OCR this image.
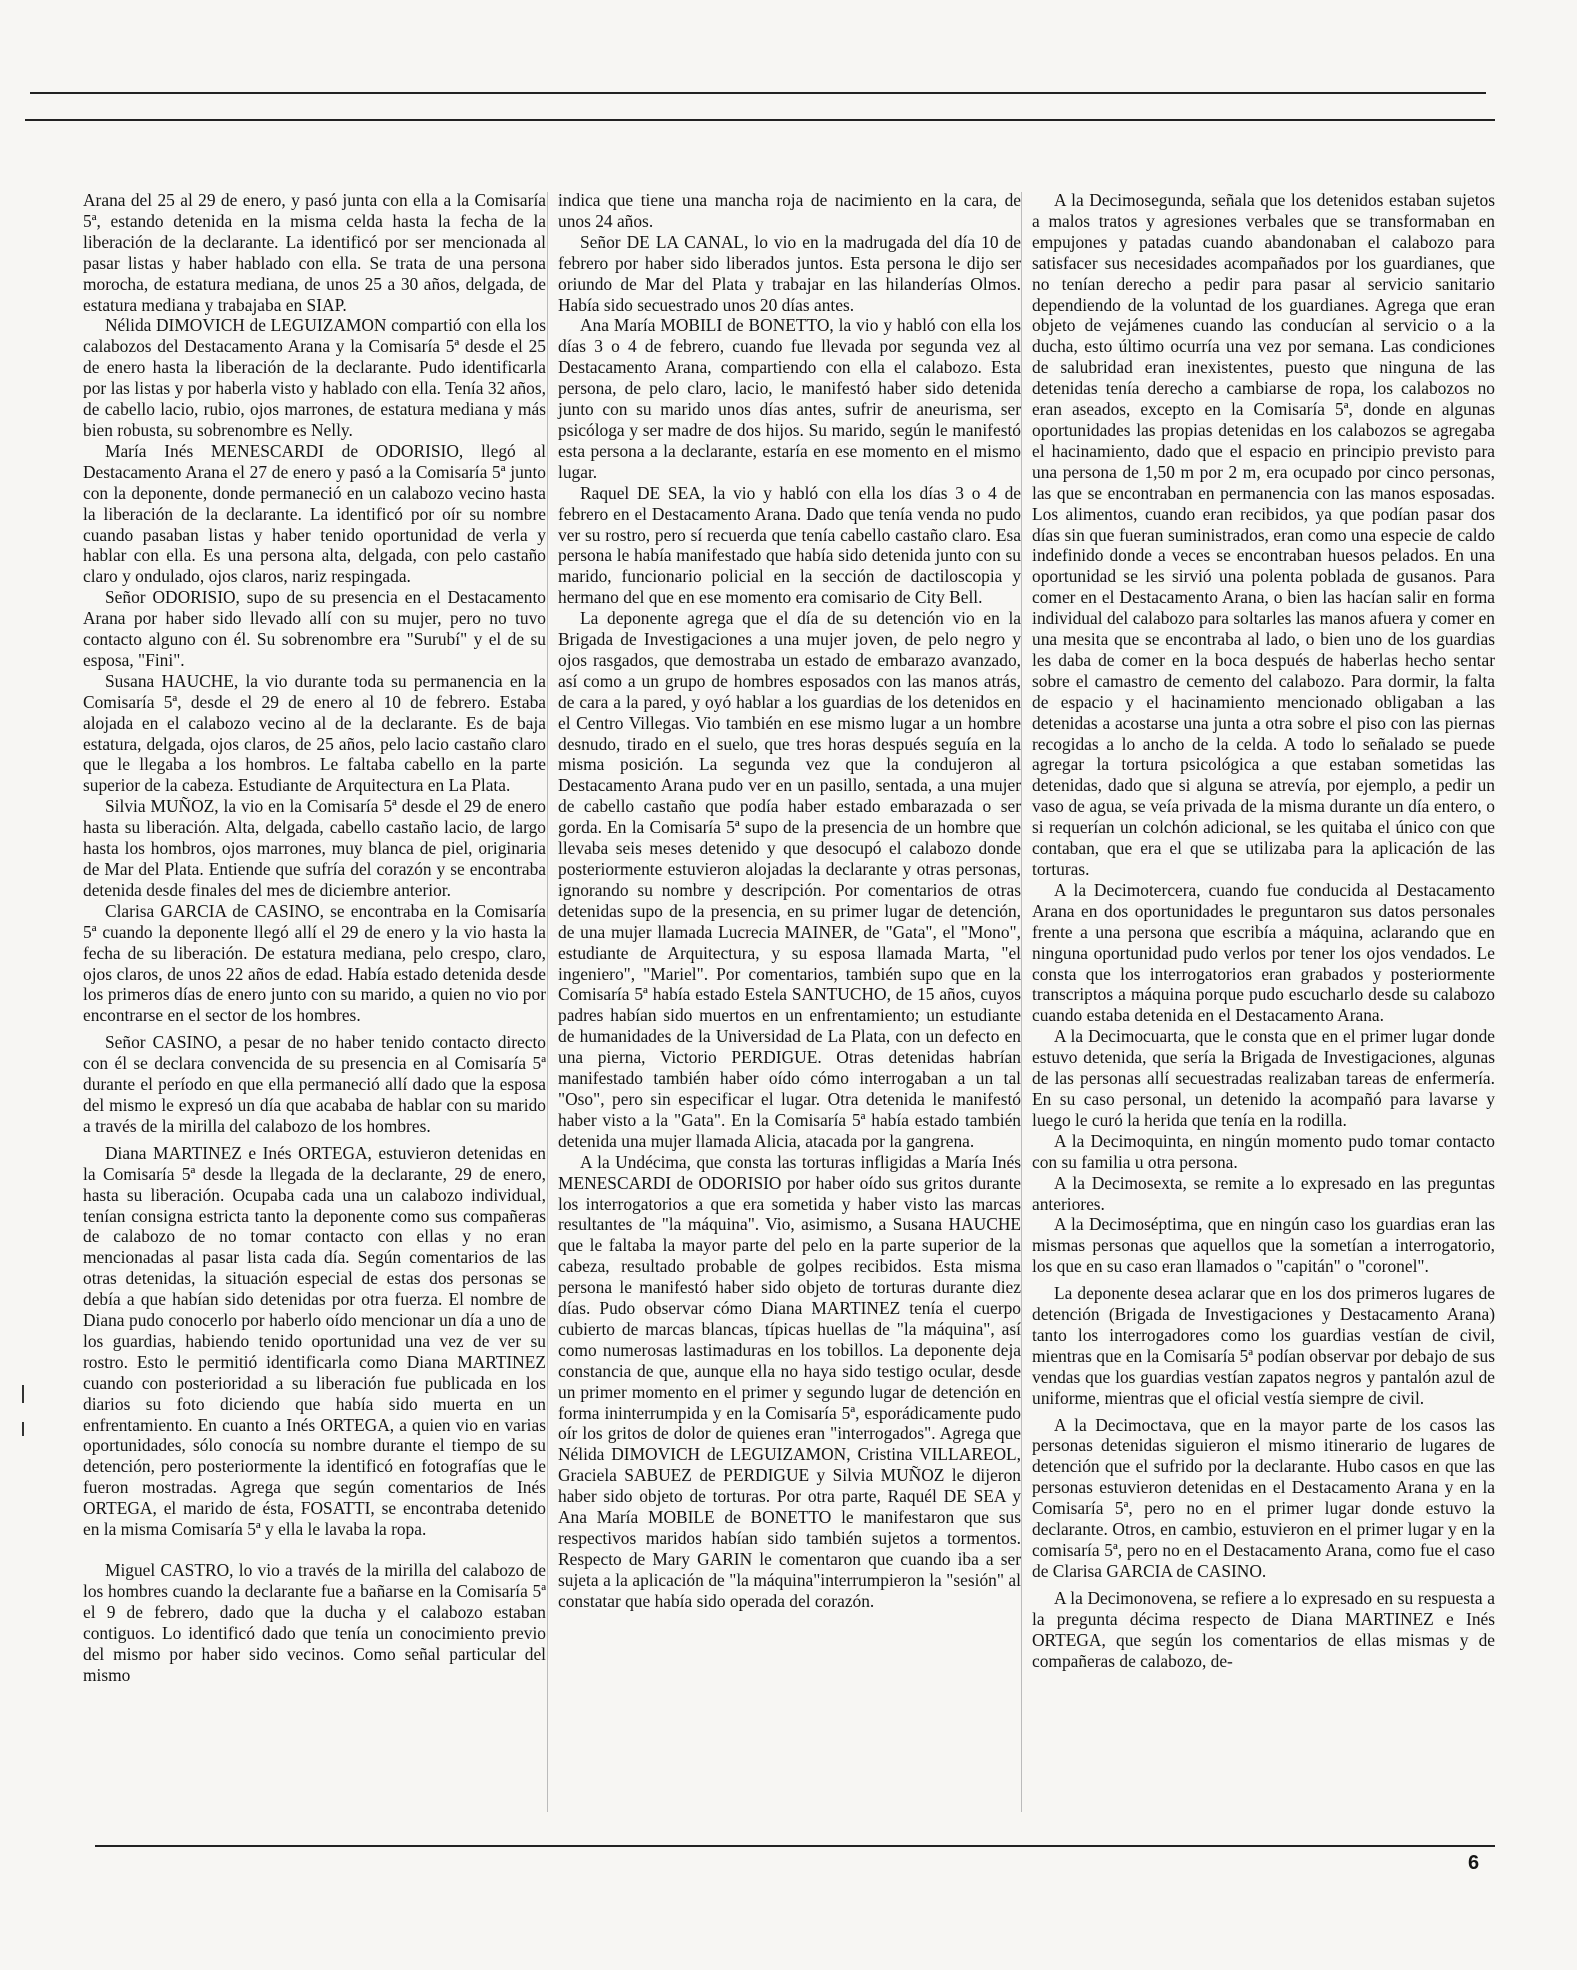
Arana del 25 al 29 de enero, y pasó junta con ella a la Comisaría 5ª, estando detenida en la misma celda hasta la fecha de la liberación de la declarante. La identificó por ser mencionada al pasar listas y haber hablado con ella. Se trata de una persona morocha, de estatura mediana, de unos 25 a 30 años, delgada, de estatura mediana y trabajaba en SIAP.

Nélida DIMOVICH de LEGUIZAMON compartió con ella los calabozos del Destacamento Arana y la Comisaría 5ª desde el 25 de enero hasta la liberación de la declarante. Pudo identificarla por las listas y por haberla visto y hablado con ella. Tenía 32 años, de cabello lacio, rubio, ojos marrones, de estatura mediana y más bien robusta, su sobrenombre es Nelly.

María Inés MENESCARDI de ODORISIO, llegó al Destacamento Arana el 27 de enero y pasó a la Comisaría 5ª junto con la deponente, donde permaneció en un calabozo vecino hasta la liberación de la declarante. La identificó por oír su nombre cuando pasaban listas y haber tenido oportunidad de verla y hablar con ella. Es una persona alta, delgada, con pelo castaño claro y ondulado, ojos claros, nariz respingada.

Señor ODORISIO, supo de su presencia en el Destacamento Arana por haber sido llevado allí con su mujer, pero no tuvo contacto alguno con él. Su sobrenombre era "Surubí" y el de su esposa, "Fini".

Susana HAUCHE, la vio durante toda su permanencia en la Comisaría 5ª, desde el 29 de enero al 10 de febrero. Estaba alojada en el calabozo vecino al de la declarante. Es de baja estatura, delgada, ojos claros, de 25 años, pelo lacio castaño claro que le llegaba a los hombros. Le faltaba cabello en la parte superior de la cabeza. Estudiante de Arquitectura en La Plata.

Silvia MUÑOZ, la vio en la Comisaría 5ª desde el 29 de enero hasta su liberación. Alta, delgada, cabello castaño lacio, de largo hasta los hombros, ojos marrones, muy blanca de piel, originaria de Mar del Plata. Entiende que sufría del corazón y se encontraba detenida desde finales del mes de diciembre anterior.

Clarisa GARCIA de CASINO, se encontraba en la Comisaría 5ª cuando la deponente llegó allí el 29 de enero y la vio hasta la fecha de su liberación. De estatura mediana, pelo crespo, claro, ojos claros, de unos 22 años de edad. Había estado detenida desde los primeros días de enero junto con su marido, a quien no vio por encontrarse en el sector de los hombres.

Señor CASINO, a pesar de no haber tenido contacto directo con él se declara convencida de su presencia en al Comisaría 5ª durante el período en que ella permaneció allí dado que la esposa del mismo le expresó un día que acababa de hablar con su marido a través de la mirilla del calabozo de los hombres.

Diana MARTINEZ e Inés ORTEGA, estuvieron detenidas en la Comisaría 5ª desde la llegada de la declarante, 29 de enero, hasta su liberación. Ocupaba cada una un calabozo individual, tenían consigna estricta tanto la deponente como sus compañeras de calabozo de no tomar contacto con ellas y no eran mencionadas al pasar lista cada día. Según comentarios de las otras detenidas, la situación especial de estas dos personas se debía a que habían sido detenidas por otra fuerza. El nombre de Diana pudo conocerlo por haberlo oído mencionar un día a uno de los guardias, habiendo tenido oportunidad una vez de ver su rostro. Esto le permitió identificarla como Diana MARTINEZ cuando con posterioridad a su liberación fue publicada en los diarios su foto diciendo que había sido muerta en un enfrentamiento. En cuanto a Inés ORTEGA, a quien vio en varias oportunidades, sólo conocía su nombre durante el tiempo de su detención, pero posteriormente la identificó en fotografías que le fueron mostradas. Agrega que según comentarios de Inés ORTEGA, el marido de ésta, FOSATTI, se encontraba detenido en la misma Comisaría 5ª y ella le lavaba la ropa.

Miguel CASTRO, lo vio a través de la mirilla del calabozo de los hombres cuando la declarante fue a bañarse en la Comisaría 5ª el 9 de febrero, dado que la ducha y el calabozo estaban contiguos. Lo identificó dado que tenía un conocimiento previo del mismo por haber sido vecinos. Como señal particular del mismo

indica que tiene una mancha roja de nacimiento en la cara, de unos 24 años.

Señor DE LA CANAL, lo vio en la madrugada del día 10 de febrero por haber sido liberados juntos. Esta persona le dijo ser oriundo de Mar del Plata y trabajar en las hilanderías Olmos. Había sido secuestrado unos 20 días antes.

Ana María MOBILI de BONETTO, la vio y habló con ella los días 3 o 4 de febrero, cuando fue llevada por segunda vez al Destacamento Arana, compartiendo con ella el calabozo. Esta persona, de pelo claro, lacio, le manifestó haber sido detenida junto con su marido unos días antes, sufrir de aneurisma, ser psicóloga y ser madre de dos hijos. Su marido, según le manifestó esta persona a la declarante, estaría en ese momento en el mismo lugar.

Raquel DE SEA, la vio y habló con ella los días 3 o 4 de febrero en el Destacamento Arana. Dado que tenía venda no pudo ver su rostro, pero sí recuerda que tenía cabello castaño claro. Esa persona le había manifestado que había sido detenida junto con su marido, funcionario policial en la sección de dactiloscopia y hermano del que en ese momento era comisario de City Bell.

La deponente agrega que el día de su detención vio en la Brigada de Investigaciones a una mujer joven, de pelo negro y ojos rasgados, que demostraba un estado de embarazo avanzado, así como a un grupo de hombres esposados con las manos atrás, de cara a la pared, y oyó hablar a los guardias de los detenidos en el Centro Villegas. Vio también en ese mismo lugar a un hombre desnudo, tirado en el suelo, que tres horas después seguía en la misma posición. La segunda vez que la condujeron al Destacamento Arana pudo ver en un pasillo, sentada, a una mujer de cabello castaño que podía haber estado embarazada o ser gorda. En la Comisaría 5ª supo de la presencia de un hombre que llevaba seis meses detenido y que desocupó el calabozo donde posteriormente estuvieron alojadas la declarante y otras personas, ignorando su nombre y descripción. Por comentarios de otras detenidas supo de la presencia, en su primer lugar de detención, de una mujer llamada Lucrecia MAINER, de "Gata", el "Mono", estudiante de Arquitectura, y su esposa llamada Marta, "el ingeniero", "Mariel". Por comentarios, también supo que en la Comisaría 5ª había estado Estela SANTUCHO, de 15 años, cuyos padres habían sido muertos en un enfrentamiento; un estudiante de humanidades de la Universidad de La Plata, con un defecto en una pierna, Victorio PERDIGUE. Otras detenidas habrían manifestado también haber oído cómo interrogaban a un tal "Oso", pero sin especificar el lugar. Otra detenida le manifestó haber visto a la "Gata". En la Comisaría 5ª había estado también detenida una mujer llamada Alicia, atacada por la gangrena.

A la Undécima, que consta las torturas infligidas a María Inés MENESCARDI de ODORISIO por haber oído sus gritos durante los interrogatorios a que era sometida y haber visto las marcas resultantes de "la máquina". Vio, asimismo, a Susana HAUCHE que le faltaba la mayor parte del pelo en la parte superior de la cabeza, resultado probable de golpes recibidos. Esta misma persona le manifestó haber sido objeto de torturas durante diez días. Pudo observar cómo Diana MARTINEZ tenía el cuerpo cubierto de marcas blancas, típicas huellas de "la máquina", así como numerosas lastimaduras en los tobillos. La deponente deja constancia de que, aunque ella no haya sido testigo ocular, desde un primer momento en el primer y segundo lugar de detención en forma ininterrumpida y en la Comisaría 5ª, esporádicamente pudo oír los gritos de dolor de quienes eran "interrogados". Agrega que Nélida DIMOVICH de LEGUIZAMON, Cristina VILLAREOL, Graciela SABUEZ de PERDIGUE y Silvia MUÑOZ le dijeron haber sido objeto de torturas. Por otra parte, Raquél DE SEA y Ana María MOBILE de BONETTO le manifestaron que sus respectivos maridos habían sido también sujetos a tormentos. Respecto de Mary GARIN le comentaron que cuando iba a ser sujeta a la aplicación de "la máquina"interrumpieron la "sesión" al constatar que había sido operada del corazón.

A la Decimosegunda, señala que los detenidos estaban sujetos a malos tratos y agresiones verbales que se transformaban en empujones y patadas cuando abandonaban el calabozo para satisfacer sus necesidades acompañados por los guardianes, que no tenían derecho a pedir para pasar al servicio sanitario dependiendo de la voluntad de los guardianes. Agrega que eran objeto de vejámenes cuando las conducían al servicio o a la ducha, esto último ocurría una vez por semana. Las condiciones de salubridad eran inexistentes, puesto que ninguna de las detenidas tenía derecho a cambiarse de ropa, los calabozos no eran aseados, excepto en la Comisaría 5ª, donde en algunas oportunidades las propias detenidas en los calabozos se agregaba el hacinamiento, dado que el espacio en principio previsto para una persona de 1,50 m por 2 m, era ocupado por cinco personas, las que se encontraban en permanencia con las manos esposadas. Los alimentos, cuando eran recibidos, ya que podían pasar dos días sin que fueran suministrados, eran como una especie de caldo indefinido donde a veces se encontraban huesos pelados. En una oportunidad se les sirvió una polenta poblada de gusanos. Para comer en el Destacamento Arana, o bien las hacían salir en forma individual del calabozo para soltarles las manos afuera y comer en una mesita que se encontraba al lado, o bien uno de los guardias les daba de comer en la boca después de haberlas hecho sentar sobre el camastro de cemento del calabozo. Para dormir, la falta de espacio y el hacinamiento mencionado obligaban a las detenidas a acostarse una junta a otra sobre el piso con las piernas recogidas a lo ancho de la celda. A todo lo señalado se puede agregar la tortura psicológica a que estaban sometidas las detenidas, dado que si alguna se atrevía, por ejemplo, a pedir un vaso de agua, se veía privada de la misma durante un día entero, o si requerían un colchón adicional, se les quitaba el único con que contaban, que era el que se utilizaba para la aplicación de las torturas.

A la Decimotercera, cuando fue conducida al Destacamento Arana en dos oportunidades le preguntaron sus datos personales frente a una persona que escribía a máquina, aclarando que en ninguna oportunidad pudo verlos por tener los ojos vendados. Le consta que los interrogatorios eran grabados y posteriormente transcriptos a máquina porque pudo escucharlo desde su calabozo cuando estaba detenida en el Destacamento Arana.

A la Decimocuarta, que le consta que en el primer lugar donde estuvo detenida, que sería la Brigada de Investigaciones, algunas de las personas allí secuestradas realizaban tareas de enfermería. En su caso personal, un detenido la acompañó para lavarse y luego le curó la herida que tenía en la rodilla.

A la Decimoquinta, en ningún momento pudo tomar contacto con su familia u otra persona.

A la Decimosexta, se remite a lo expresado en las preguntas anteriores.

A la Decimoséptima, que en ningún caso los guardias eran las mismas personas que aquellos que la sometían a interrogatorio, los que en su caso eran llamados o "capitán" o "coronel".

La deponente desea aclarar que en los dos primeros lugares de detención (Brigada de Investigaciones y Destacamento Arana) tanto los interrogadores como los guardias vestían de civil, mientras que en la Comisaría 5ª podían observar por debajo de sus vendas que los guardias vestían zapatos negros y pantalón azul de uniforme, mientras que el oficial vestía siempre de civil.

A la Decimoctava, que en la mayor parte de los casos las personas detenidas siguieron el mismo itinerario de lugares de detención que el sufrido por la declarante. Hubo casos en que las personas estuvieron detenidas en el Destacamento Arana y en la Comisaría 5ª, pero no en el primer lugar donde estuvo la declarante. Otros, en cambio, estuvieron en el primer lugar y en la comisaría 5ª, pero no en el Destacamento Arana, como fue el caso de Clarisa GARCIA de CASINO.

A la Decimonovena, se refiere a lo expresado en su respuesta a la pregunta décima respecto de Diana MARTINEZ e Inés ORTEGA, que según los comentarios de ellas mismas y de compañeras de calabozo, de-

6
